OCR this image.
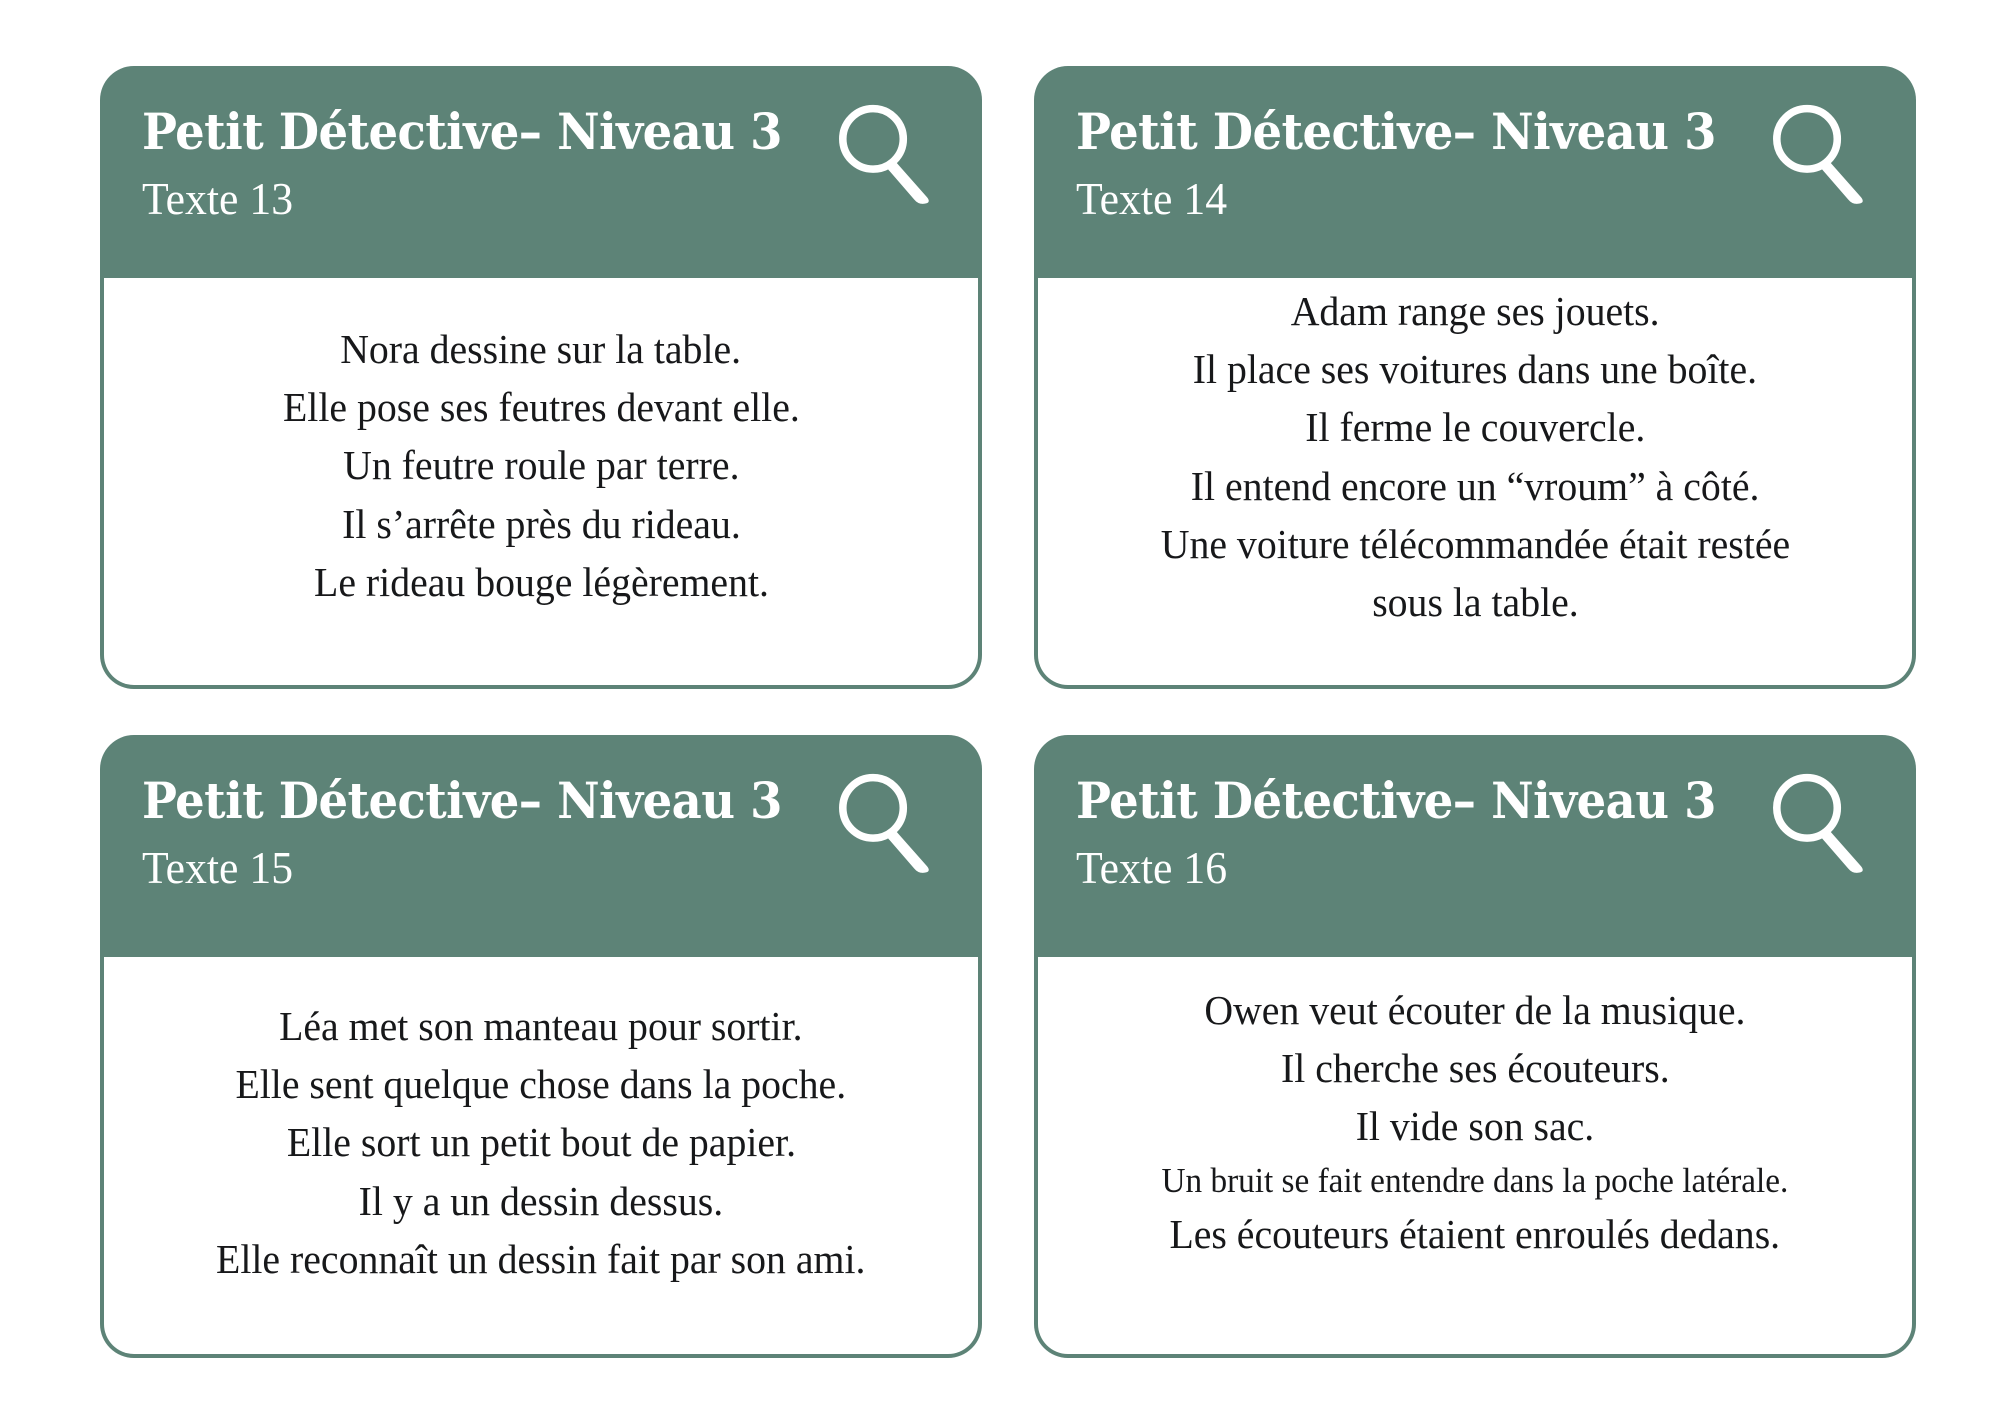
Petit Détective– Niveau 3
Texte 13
Nora dessine sur la table.
Elle pose ses feutres devant elle.
Un feutre roule par terre.
Il s’arrête près du rideau.
Le rideau bouge légèrement.
Petit Détective– Niveau 3
Texte 14
Adam range ses jouets.
Il place ses voitures dans une boîte.
Il ferme le couvercle.
Il entend encore un “vroum” à côté.
Une voiture télécommandée était restée
sous la table.
Petit Détective– Niveau 3
Texte 15
Léa met son manteau pour sortir.
Elle sent quelque chose dans la poche.
Elle sort un petit bout de papier.
Il y a un dessin dessus.
Elle reconnaît un dessin fait par son ami.
Petit Détective– Niveau 3
Texte 16
Owen veut écouter de la musique.
Il cherche ses écouteurs.
Il vide son sac.
Un bruit se fait entendre dans la poche latérale.
Les écouteurs étaient enroulés dedans.
